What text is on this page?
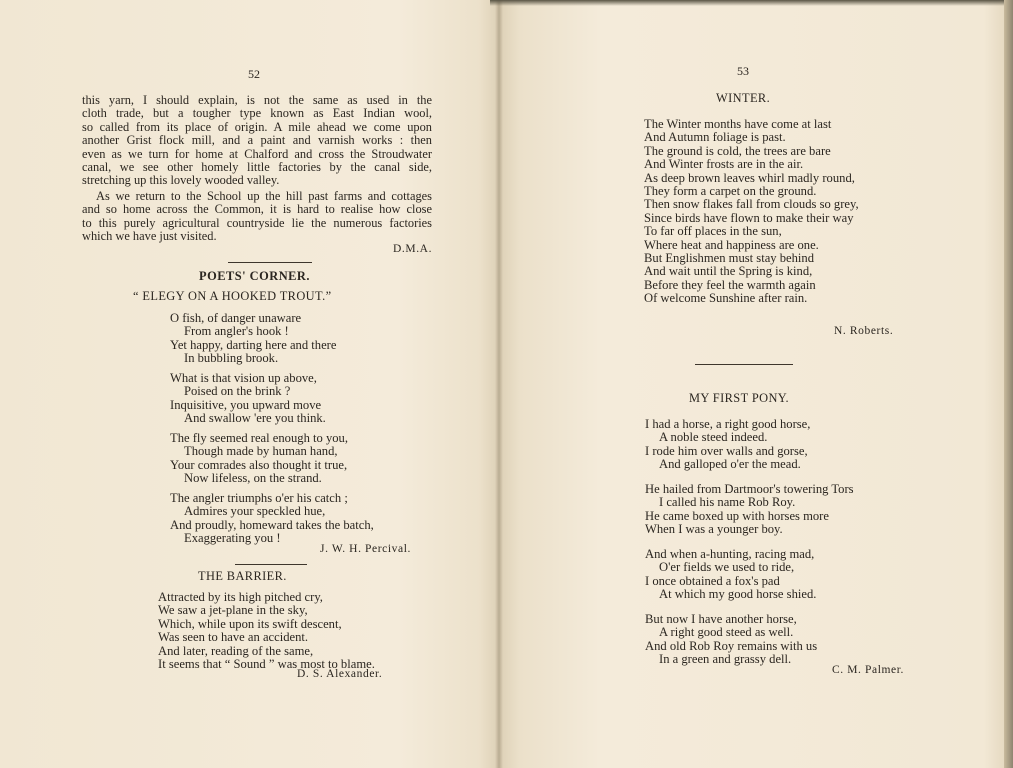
52
this yarn, I should explain, is not the same as used in the
cloth trade, but a tougher type known as East Indian wool,
so called from its place of origin. A mile ahead we come upon
another Grist flock mill, and a paint and varnish works : then
even as we turn for home at Chalford and cross the Stroudwater
canal, we see other homely little factories by the canal side,
stretching up this lovely wooded valley.
As we return to the School up the hill past farms and cottages
and so home across the Common, it is hard to realise how close
to this purely agricultural countryside lie the numerous factories
which we have just visited.
D.M.A.
POETS' CORNER.
“ ELEGY ON A HOOKED TROUT.”
O fish, of danger unaware
From angler's hook !
Yet happy, darting here and there
In bubbling brook.
What is that vision up above,
Poised on the brink ?
Inquisitive, you upward move
And swallow 'ere you think.
The fly seemed real enough to you,
Though made by human hand,
Your comrades also thought it true,
Now lifeless, on the strand.
The angler triumphs o'er his catch ;
Admires your speckled hue,
And proudly, homeward takes the batch,
Exaggerating you !
J. W. H. Percival.
THE BARRIER.
Attracted by its high pitched cry,
We saw a jet-plane in the sky,
Which, while upon its swift descent,
Was seen to have an accident.
And later, reading of the same,
It seems that “ Sound ” was most to blame.
D. S. Alexander.
53
WINTER.
The Winter months have come at last
And Autumn foliage is past.
The ground is cold, the trees are bare
And Winter frosts are in the air.
As deep brown leaves whirl madly round,
They form a carpet on the ground.
Then snow flakes fall from clouds so grey,
Since birds have flown to make their way
To far off places in the sun,
Where heat and happiness are one.
But Englishmen must stay behind
And wait until the Spring is kind,
Before they feel the warmth again
Of welcome Sunshine after rain.
N. Roberts.
MY FIRST PONY.
I had a horse, a right good horse,
A noble steed indeed.
I rode him over walls and gorse,
And galloped o'er the mead.
He hailed from Dartmoor's towering Tors
I called his name Rob Roy.
He came boxed up with horses more
When I was a younger boy.
And when a-hunting, racing mad,
O'er fields we used to ride,
I once obtained a fox's pad
At which my good horse shied.
But now I have another horse,
A right good steed as well.
And old Rob Roy remains with us
In a green and grassy dell.
C. M. Palmer.
